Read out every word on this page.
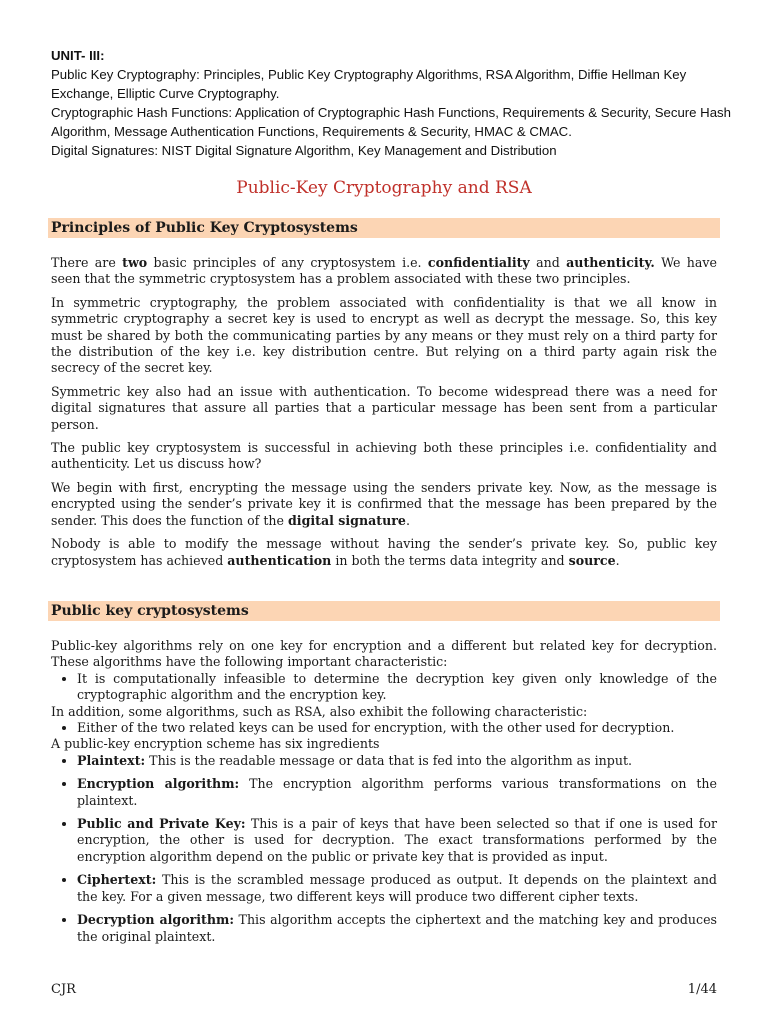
UNIT- III:
Public Key Cryptography: Principles, Public Key Cryptography Algorithms, RSA Algorithm, Diffie Hellman Key Exchange, Elliptic Curve Cryptography.
Cryptographic Hash Functions: Application of Cryptographic Hash Functions, Requirements & Security, Secure Hash Algorithm, Message Authentication Functions, Requirements & Security, HMAC & CMAC.
Digital Signatures: NIST Digital Signature Algorithm, Key Management and Distribution
Public-Key Cryptography and RSA
Principles of Public Key Cryptosystems

There are two basic principles of any cryptosystem i.e. confidentiality and authenticity. We have seen that the symmetric cryptosystem has a problem associated with these two principles.

In symmetric cryptography, the problem associated with confidentiality is that we all know in symmetric cryptography a secret key is used to encrypt as well as decrypt the message. So, this key must be shared by both the communicating parties by any means or they must rely on a third party for the distribution of the key i.e. key distribution centre. But relying on a third party again risk the secrecy of the secret key.

Symmetric key also had an issue with authentication. To become widespread there was a need for digital signatures that assure all parties that a particular message has been sent from a particular person.

The public key cryptosystem is successful in achieving both these principles i.e. confidentiality and authenticity. Let us discuss how?

We begin with first, encrypting the message using the senders private key. Now, as the message is encrypted using the sender’s private key it is confirmed that the message has been prepared by the sender. This does the function of the digital signature.

Nobody is able to modify the message without having the sender’s private key. So, public key cryptosystem has achieved authentication in both the terms data integrity and source.

Public key cryptosystems

Public-key algorithms rely on one key for encryption and a different but related key for decryption. These algorithms have the following important characteristic:

• It is computationally infeasible to determine the decryption key given only knowledge of the cryptographic algorithm and the encryption key.

In addition, some algorithms, such as RSA, also exhibit the following characteristic:

• Either of the two related keys can be used for encryption, with the other used for decryption.

A public-key encryption scheme has six ingredients

• Plaintext: This is the readable message or data that is fed into the algorithm as input.
• Encryption algorithm: The encryption algorithm performs various transformations on the plaintext.
• Public and Private Key: This is a pair of keys that have been selected so that if one is used for encryption, the other is used for decryption. The exact transformations performed by the encryption algorithm depend on the public or private key that is provided as input.
• Ciphertext: This is the scrambled message produced as output. It depends on the plaintext and the key. For a given message, two different keys will produce two different cipher texts.
• Decryption algorithm: This algorithm accepts the ciphertext and the matching key and produces the original plaintext.
CJR	1/44
